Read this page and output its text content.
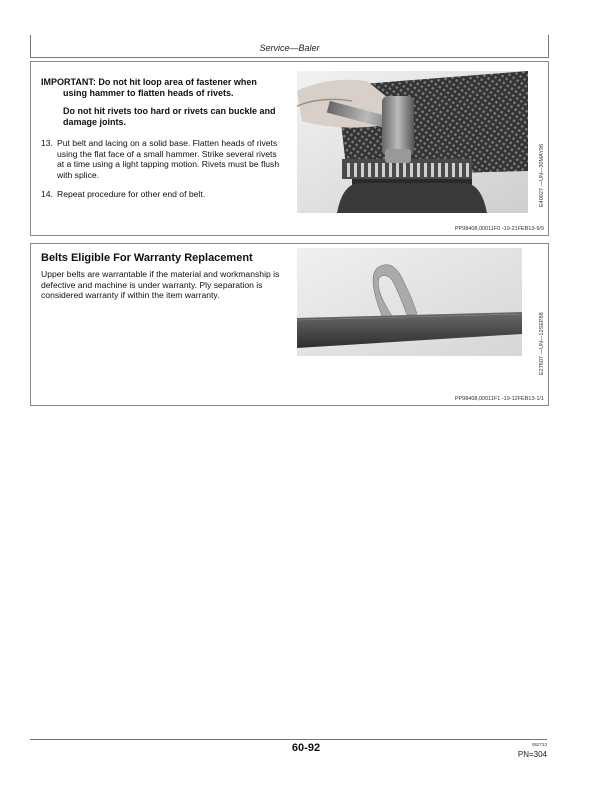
Service—Baler

IMPORTANT: Do not hit loop area of fastener when

using hammer to flatten heads of rivets.

Do not hit rivets too hard or rivets can buckle and damage joints.

13. Put belt and lacing on a solid base. Flatten heads of rivets using the flat face of a small hammer. Strike several rivets at a time using a light tapping motion. Rivets must be flush with splice.
14. Repeat procedure for other end of belt.	E40027 —UN—30MAY96
PP98408,00011F0 -19-21FEB13-9/9
Belts Eligible For Warranty Replacement
Upper belts are warrantable if the material and workmanship is defective and machine is under warranty. Ply separation is considered warranty if within the item warranty.
E27607 —UN—12SEP88
PP98408,00011F1 -19-12FEB13-1/1
60-92	062713
PN=304
